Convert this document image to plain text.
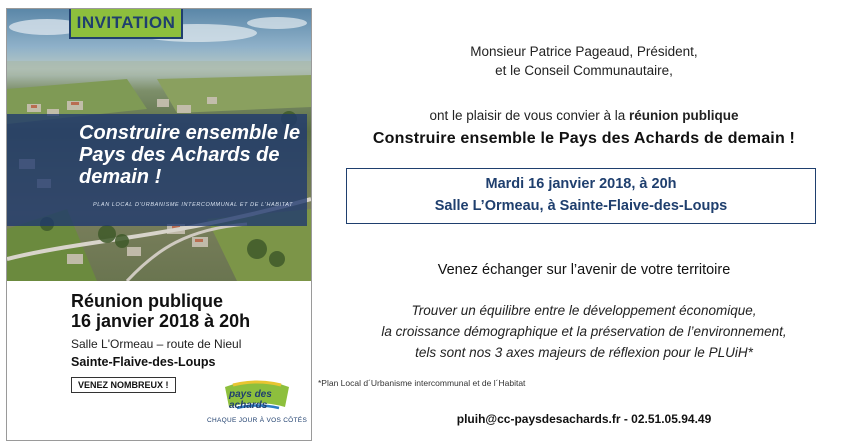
INVITATION
Construire ensemble le Pays des Achards de demain !
PLAN LOCAL D'URBANISME INTERCOMMUNAL ET DE L'HABITAT
Réunion publique
16 janvier 2018 à 20h
Salle L'Ormeau – route de Nieul
Sainte-Flaive-des-Loups
VENEZ NOMBREUX !
pays des achards
CHAQUE JOUR À VOS CÔTÉS
Monsieur Patrice Pageaud, Président,
et le Conseil Communautaire,
ont le plaisir de vous convier à la réunion publique
Construire ensemble le Pays des Achards de demain !
Mardi 16 janvier 2018, à 20h
Salle L’Ormeau, à Sainte-Flaive-des-Loups
Venez échanger sur l’avenir de votre territoire
Trouver un équilibre entre le développement économique,
la croissance démographique et la préservation de l’environnement,
tels sont nos 3 axes majeurs de réflexion pour le PLUiH*
*Plan Local d´Urbanisme intercommunal et de l´Habitat
pluih@cc-paysdesachards.fr - 02.51.05.94.49
